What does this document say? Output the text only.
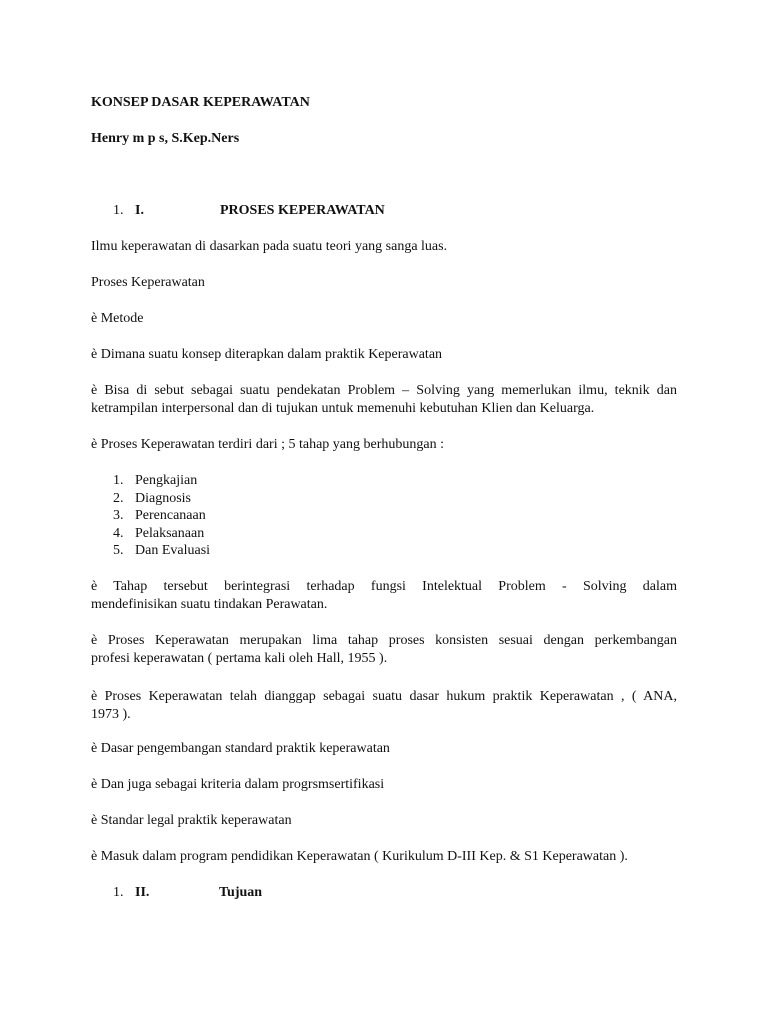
KONSEP DASAR KEPERAWATAN
Henry m p s, S.Kep.Ners
1. I.	PROSES KEPERAWATAN
Ilmu keperawatan di dasarkan pada suatu teori yang sanga luas.
Proses Keperawatan
è Metode
è Dimana suatu konsep diterapkan dalam praktik Keperawatan
è Bisa di sebut sebagai suatu pendekatan Problem – Solving yang memerlukan ilmu, teknik dan
ketrampilan interpersonal dan di tujukan untuk memenuhi kebutuhan Klien dan Keluarga.
è Proses Keperawatan terdiri dari ; 5 tahap yang berhubungan :
1. Pengkajian
2. Diagnosis
3. Perencanaan
4. Pelaksanaan
5. Dan Evaluasi
è Tahap tersebut berintegrasi terhadap fungsi Intelektual Problem - Solving dalam
mendefinisikan suatu tindakan Perawatan.
è Proses Keperawatan merupakan lima tahap proses konsisten sesuai dengan perkembangan
profesi keperawatan ( pertama kali oleh Hall, 1955 ).
è Proses Keperawatan telah dianggap sebagai suatu dasar hukum praktik Keperawatan , ( ANA,
1973 ).
è Dasar pengembangan standard praktik keperawatan
è Dan juga sebagai kriteria dalam progrsmsertifikasi
è Standar legal praktik keperawatan
è Masuk dalam program pendidikan Keperawatan ( Kurikulum D-III Kep. & S1 Keperawatan ).
1. II.	Tujuan
